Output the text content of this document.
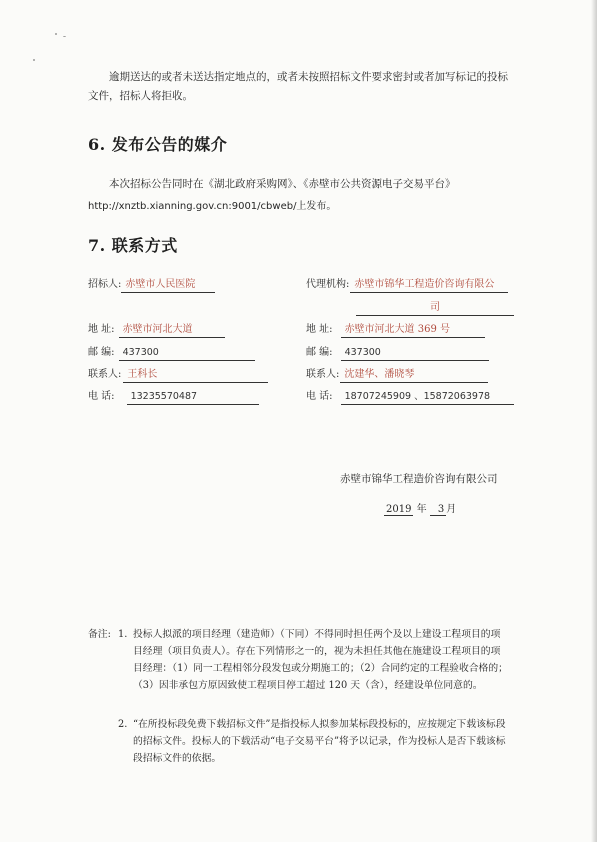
逾期送达的或者未送达指定地点的，或者未按照招标文件要求密封或者加写标记的投标文件，招标人将拒收。
6. 发布公告的媒介
本次招标公告同时在《湖北政府采购网》、《赤壁市公共资源电子交易平台》
http://xnztb.xianning.gov.cn:9001/cbweb/上发布。
7. 联系方式
招标人: 赤壁市人民医院
地 址: 赤壁市河北大道
邮 编: 437300
联系人: 王科长
电 话: 13235570487
代理机构: 赤壁市锦华工程造价咨询有限公
司
地 址: 赤壁市河北大道 369 号
邮 编: 437300
联系人: 沈建华、潘晓琴
电 话: 18707245909 、15872063978
赤壁市锦华工程造价咨询有限公司
2019 年 3 月
备注: 1. 投标人拟派的项目经理（建造师）（下同）不得同时担任两个及以上建设工程项目的项目经理（项目负责人）。存在下列情形之一的，视为未担任其他在施建设工程项目的项目经理：（1）同一工程相邻分段发包或分期施工的；（2）合同约定的工程验收合格的；（3）因非承包方原因致使工程项目停工超过 120 天（含），经建设单位同意的。
2. “在所投标段免费下载招标文件”是指投标人拟参加某标段投标的，应按规定下载该标段的招标文件。投标人的下载活动“电子交易平台”将予以记录，作为投标人是否下载该标段招标文件的依据。
